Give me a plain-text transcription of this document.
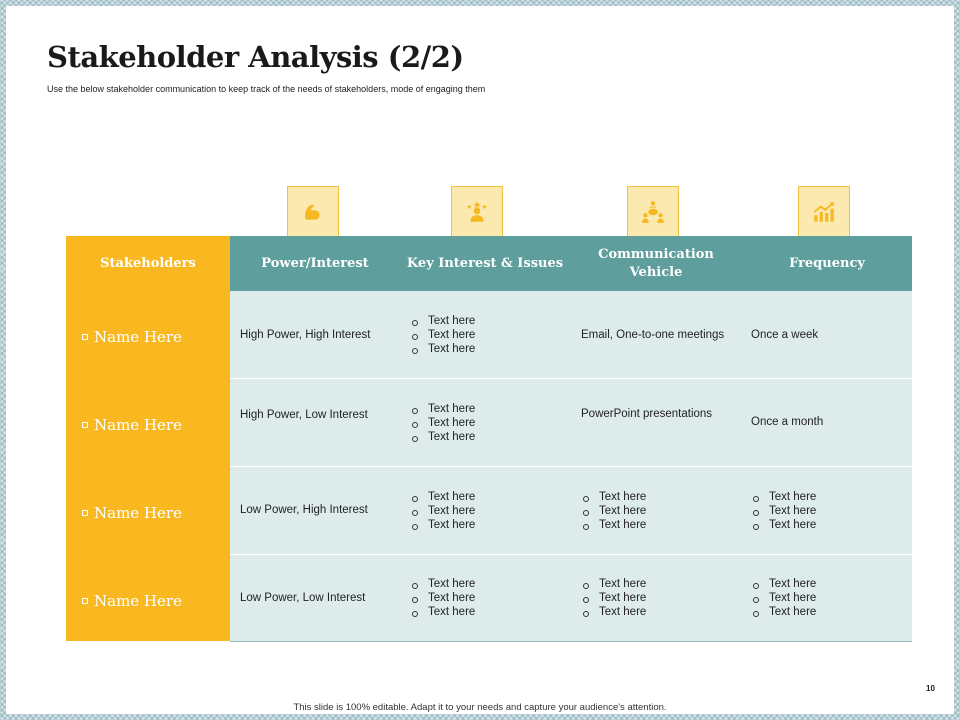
Stakeholder Analysis (2/2)
Use the below stakeholder communication to keep track of the needs of stakeholders, mode of engaging them
Stakeholders
Name Here
Name Here
Name Here
Name Here
Power/Interest	Key Interest & Issues
Communication Vehicle
Frequency
High Power, High Interest
Text here
Text here
Text here
Email, One-to-one meetings Once a week
High Power, Low Interest	Text here
Text here
Text here
PowerPoint presentations
Once a month
Low Power, High Interest
Text here
Text here
Text here
Text here
Text here
Text here
Text here
Text here
Text here
Low Power, Low Interest
Text here
Text here
Text here
Text here
Text here
Text here
Text here
Text here
Text here
10
This slide is 100% editable. Adapt it to your needs and capture your audience's attention.
